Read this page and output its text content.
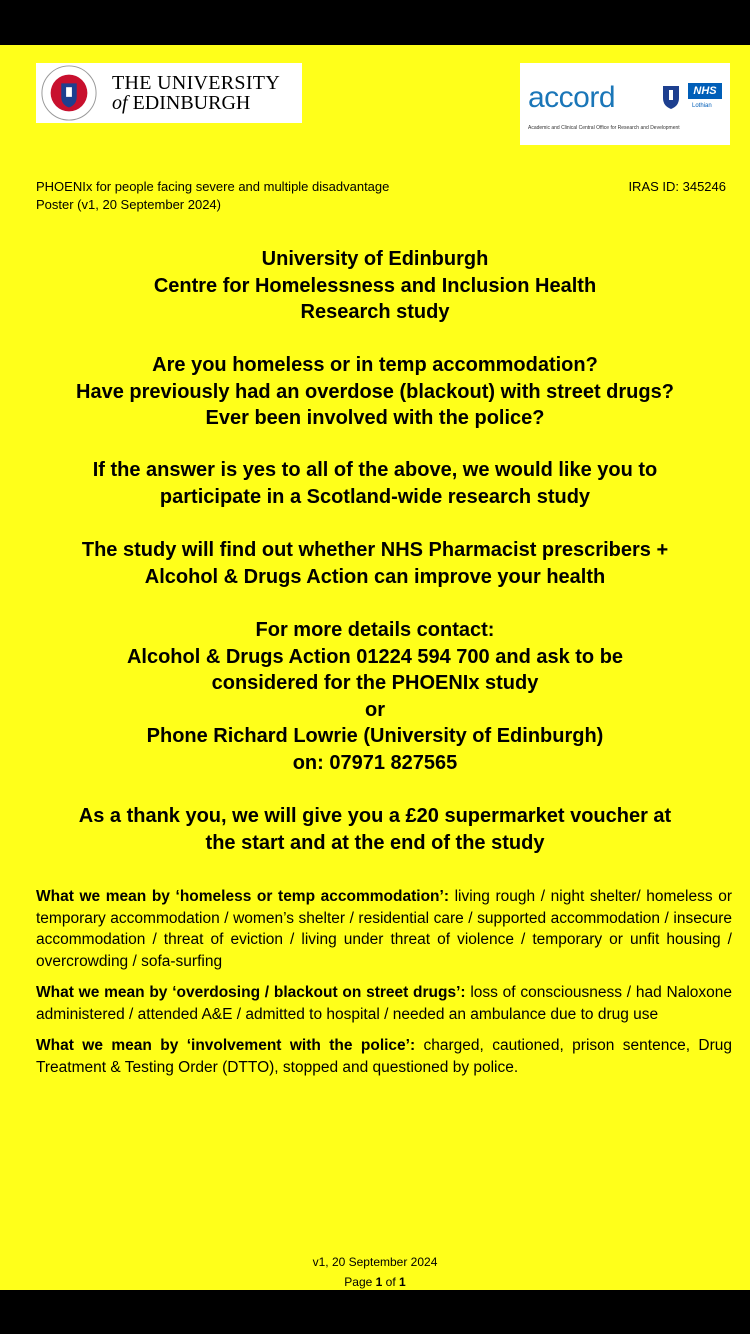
THE UNIVERSITY
of EDINBURGH	accord	NHS
Lothian
Academic and Clinical Central Office for Research and Development
PHOENIx for people facing severe and multiple disadvantage
Poster (v1, 20 September 2024)
IRAS ID: 345246
University of Edinburgh
Centre for Homelessness and Inclusion Health
Research study
Are you homeless or in temp accommodation?
Have previously had an overdose (blackout) with street drugs?
Ever been involved with the police?
If the answer is yes to all of the above, we would like you to
participate in a Scotland-wide research study
The study will find out whether NHS Pharmacist prescribers +
Alcohol & Drugs Action can improve your health
For more details contact:
Alcohol & Drugs Action 01224 594 700 and ask to be
considered for the PHOENIx study
or
Phone Richard Lowrie (University of Edinburgh)
on: 07971 827565
As a thank you, we will give you a £20 supermarket voucher at
the start and at the end of the study

What we mean by ‘homeless or temp accommodation’: living rough / night shelter/ homeless or temporary accommodation / women’s shelter / residential care / supported accommodation / insecure accommodation / threat of eviction / living under threat of violence / temporary or unfit housing / overcrowding / sofa-surfing

What we mean by ‘overdosing / blackout on street drugs’: loss of consciousness / had Naloxone administered / attended A&E / admitted to hospital / needed an ambulance due to drug use

What we mean by ‘involvement with the police’: charged, cautioned, prison sentence, Drug Treatment & Testing Order (DTTO), stopped and questioned by police.

v1, 20 September 2024
Page 1 of 1
